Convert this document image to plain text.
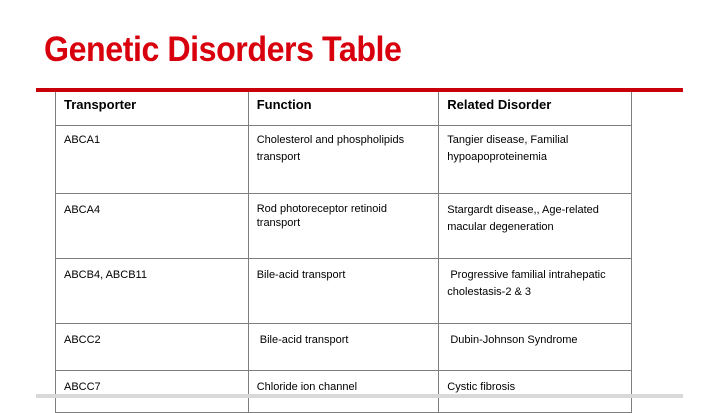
Genetic Disorders Table
Transporter	Function	Related Disorder
ABCA1	Cholesterol and phospholipids transport	Tangier disease, Familial hypoapoproteinemia
ABCA4	Rod photoreceptor retinoid transport	Stargardt disease,, Age-related macular degeneration
ABCB4, ABCB11	Bile-acid transport	Progressive familial intrahepatic cholestasis-2 & 3
ABCC2	Bile-acid transport	Dubin-Johnson Syndrome
ABCC7	Chloride ion channel	Cystic fibrosis
